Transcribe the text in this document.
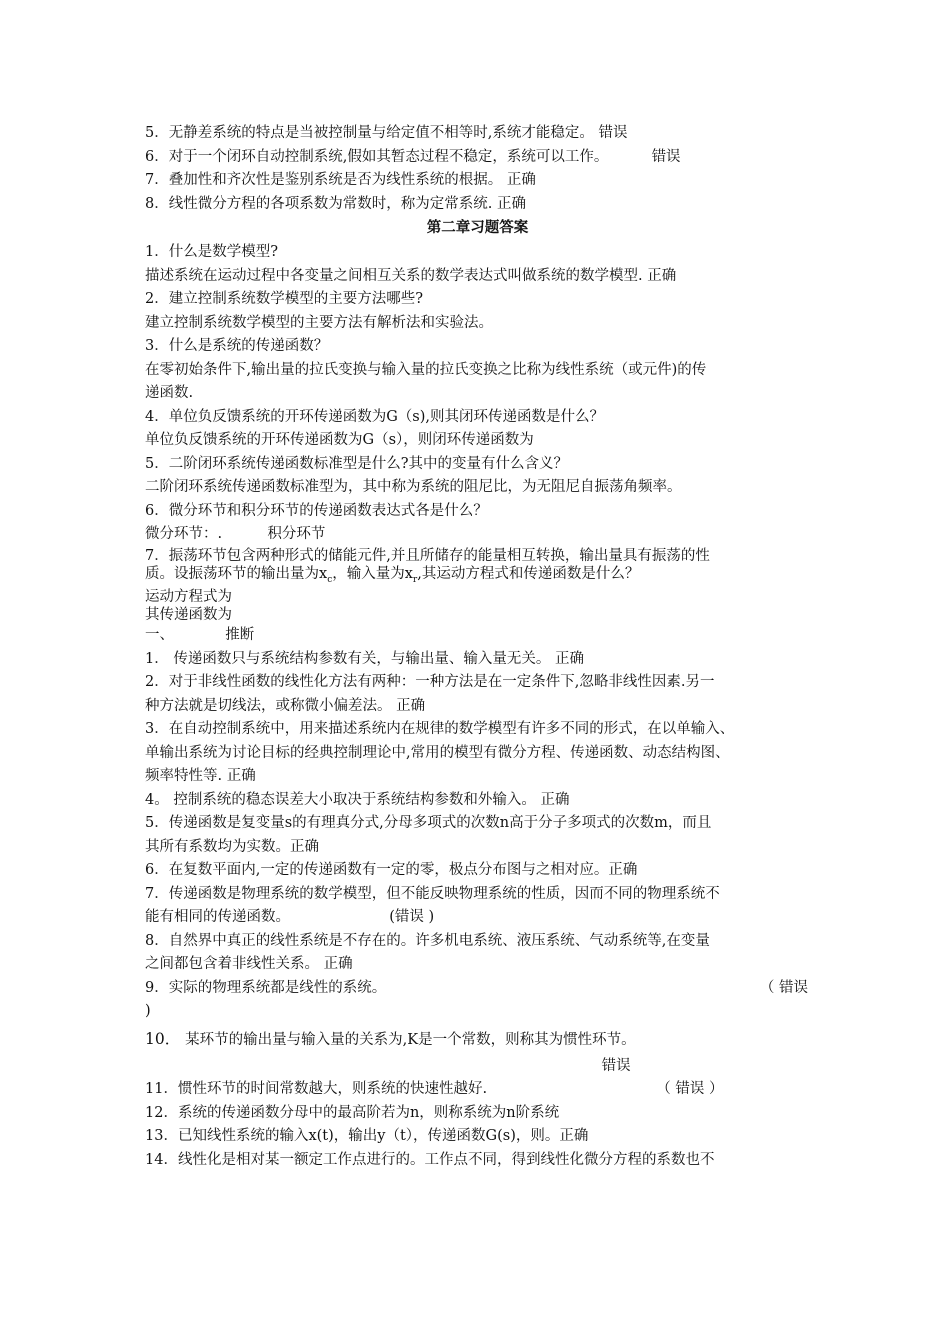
5．无静差系统的特点是当被控制量与给定值不相等时,系统才能稳定。 错误
6．对于一个闭环自动控制系统,假如其暂态过程不稳定，系统可以工作。	错误
7．叠加性和齐次性是鉴别系统是否为线性系统的根据。 正确
8．线性微分方程的各项系数为常数时，称为定常系统. 正确
第二章习题答案
1．什么是数学模型?
描述系统在运动过程中各变量之间相互关系的数学表达式叫做系统的数学模型. 正确
2．建立控制系统数学模型的主要方法哪些?
建立控制系统数学模型的主要方法有解析法和实验法。
3．什么是系统的传递函数？
在零初始条件下,输出量的拉氏变换与输入量的拉氏变换之比称为线性系统（或元件)的传
递函数.
4．单位负反馈系统的开环传递函数为G（s),则其闭环传递函数是什么？
单位负反馈系统的开环传递函数为G（s），则闭环传递函数为
5．二阶闭环系统传递函数标准型是什么?其中的变量有什么含义？
二阶闭环系统传递函数标准型为，其中称为系统的阻尼比，为无阻尼自振荡角频率。
6．微分环节和积分环节的传递函数表达式各是什么？
微分环节：.	积分环节
7．振荡环节包含两种形式的储能元件,并且所储存的能量相互转换，输出量具有振荡的性
质。设振荡环节的输出量为$x_c$，输入量为$x_r$,其运动方程式和传递函数是什么？
运动方程式为
其传递函数为
一、	推断
1． 传递函数只与系统结构参数有关，与输出量、输入量无关。 正确
2．对于非线性函数的线性化方法有两种：一种方法是在一定条件下,忽略非线性因素.另一
种方法就是切线法，或称微小偏差法。 正确
3．在自动控制系统中，用来描述系统内在规律的数学模型有许多不同的形式，在以单输入、
单输出系统为讨论目标的经典控制理论中,常用的模型有微分方程、传递函数、动态结构图、
频率特性等. 正确
4。 控制系统的稳态误差大小取决于系统结构参数和外输入。 正确
5．传递函数是复变量s的有理真分式,分母多项式的次数n高于分子多项式的次数m，而且
其所有系数均为实数。正确
6．在复数平面内,一定的传递函数有一定的零，极点分布图与之相对应。正确
7．传递函数是物理系统的数学模型，但不能反映物理系统的性质，因而不同的物理系统不
能有相同的传递函数。	(错误 )
8．自然界中真正的线性系统是不存在的。许多机电系统、液压系统、气动系统等,在变量
之间都包含着非线性关系。 正确
9．实际的物理系统都是线性的系统。	（ 错误
)
10． 某环节的输出量与输入量的关系为,K是一个常数，则称其为惯性环节。
错误
11．惯性环节的时间常数越大，则系统的快速性越好.	（ 错误 ）
12．系统的传递函数分母中的最高阶若为n，则称系统为n阶系统
13．已知线性系统的输入x(t)，输出y（t），传递函数G(s)，则。正确
14．线性化是相对某一额定工作点进行的。工作点不同，得到线性化微分方程的系数也不
